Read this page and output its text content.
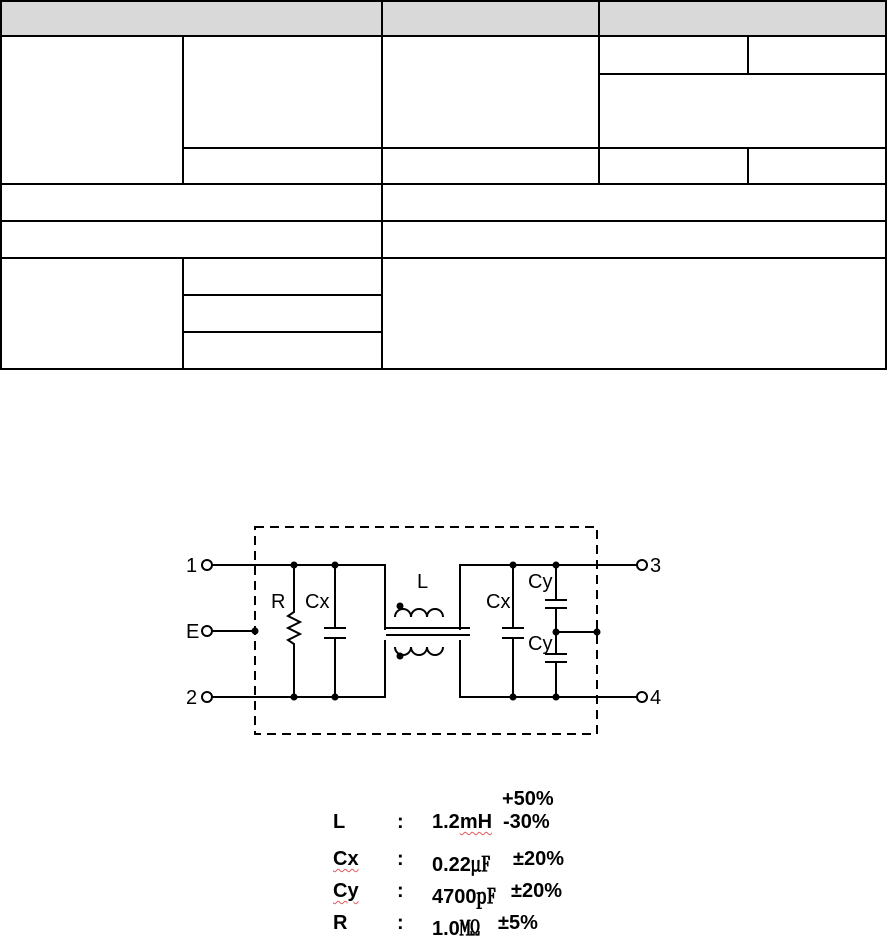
1
E
2
3
4
R Cx
L
Cx
Cy
Cy
+50%
L	: 1.2mH -30%
Cx : 0.22㎌ ±20%
Cy : 4700㎊ ±20%
R : 1.0㏁ ±5%
